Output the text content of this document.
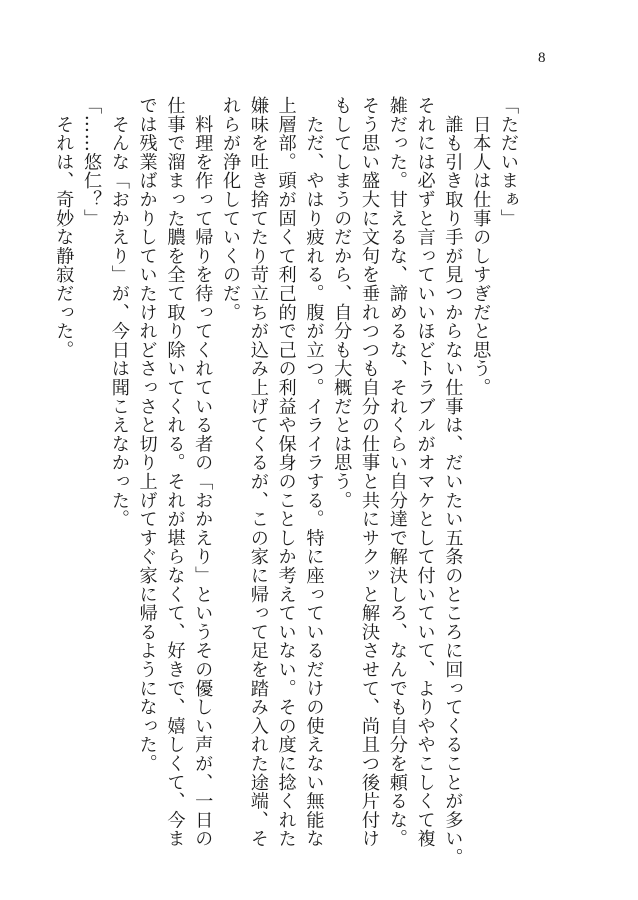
8
「ただいまぁ」
　日本人は仕事のしすぎだと思う。
　誰も引き取り手が見つからない仕事は、だいたい五条のところに回ってくることが多い。
それには必ずと言っていいほどトラブルがオマケとして付いていて、よりややこしくて複
雑だった。甘えるな、諦めるな、それくらい自分達で解決しろ、なんでも自分を頼るな。
そう思い盛大に文句を垂れつつも自分の仕事と共にサクッと解決させて、尚且つ後片付け
もしてしまうのだから、自分も大概だとは思う。
　ただ、やはり疲れる。腹が立つ。イライラする。特に座っているだけの使えない無能な
上層部。頭が固くて利己的で己の利益や保身のことしか考えていない。その度に捻くれた
嫌味を吐き捨てたり苛立ちが込み上げてくるが、この家に帰って足を踏み入れた途端、そ
れらが浄化していくのだ。
　料理を作って帰りを待ってくれている者の「おかえり」というその優しい声が、一日の
仕事で溜まった膿を全て取り除いてくれる。それが堪らなくて、好きで、嬉しくて、今ま
では残業ばかりしていたけれどさっさと切り上げてすぐ家に帰るようになった。
　そんな「おかえり」が、今日は聞こえなかった。
「……悠仁？」
　それは、奇妙な静寂だった。
